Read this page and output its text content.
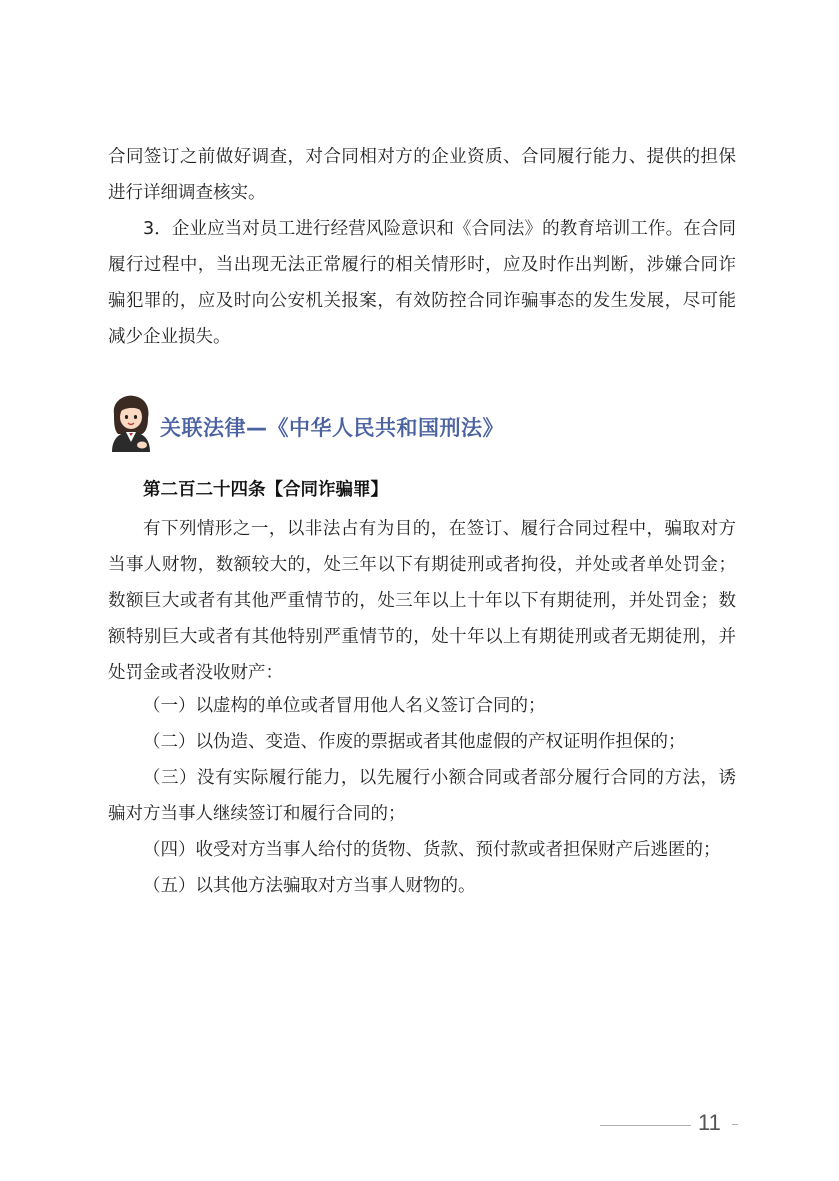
合同签订之前做好调查，对合同相对方的企业资质、合同履行能力、提供的担保进行详细调查核实。

3．企业应当对员工进行经营风险意识和《合同法》的教育培训工作。在合同履行过程中，当出现无法正常履行的相关情形时，应及时作出判断，涉嫌合同诈骗犯罪的，应及时向公安机关报案，有效防控合同诈骗事态的发生发展，尽可能减少企业损失。

关联法律—《中华人民共和国刑法》
第二百二十四条【合同诈骗罪】

有下列情形之一，以非法占有为目的，在签订、履行合同过程中，骗取对方当事人财物，数额较大的，处三年以下有期徒刑或者拘役，并处或者单处罚金；数额巨大或者有其他严重情节的，处三年以上十年以下有期徒刑，并处罚金；数额特别巨大或者有其他特别严重情节的，处十年以上有期徒刑或者无期徒刑，并处罚金或者没收财产：

（一）以虚构的单位或者冒用他人名义签订合同的；

（二）以伪造、变造、作废的票据或者其他虚假的产权证明作担保的；

（三）没有实际履行能力，以先履行小额合同或者部分履行合同的方法，诱骗对方当事人继续签订和履行合同的；

（四）收受对方当事人给付的货物、货款、预付款或者担保财产后逃匿的；

（五）以其他方法骗取对方当事人财物的。

11
